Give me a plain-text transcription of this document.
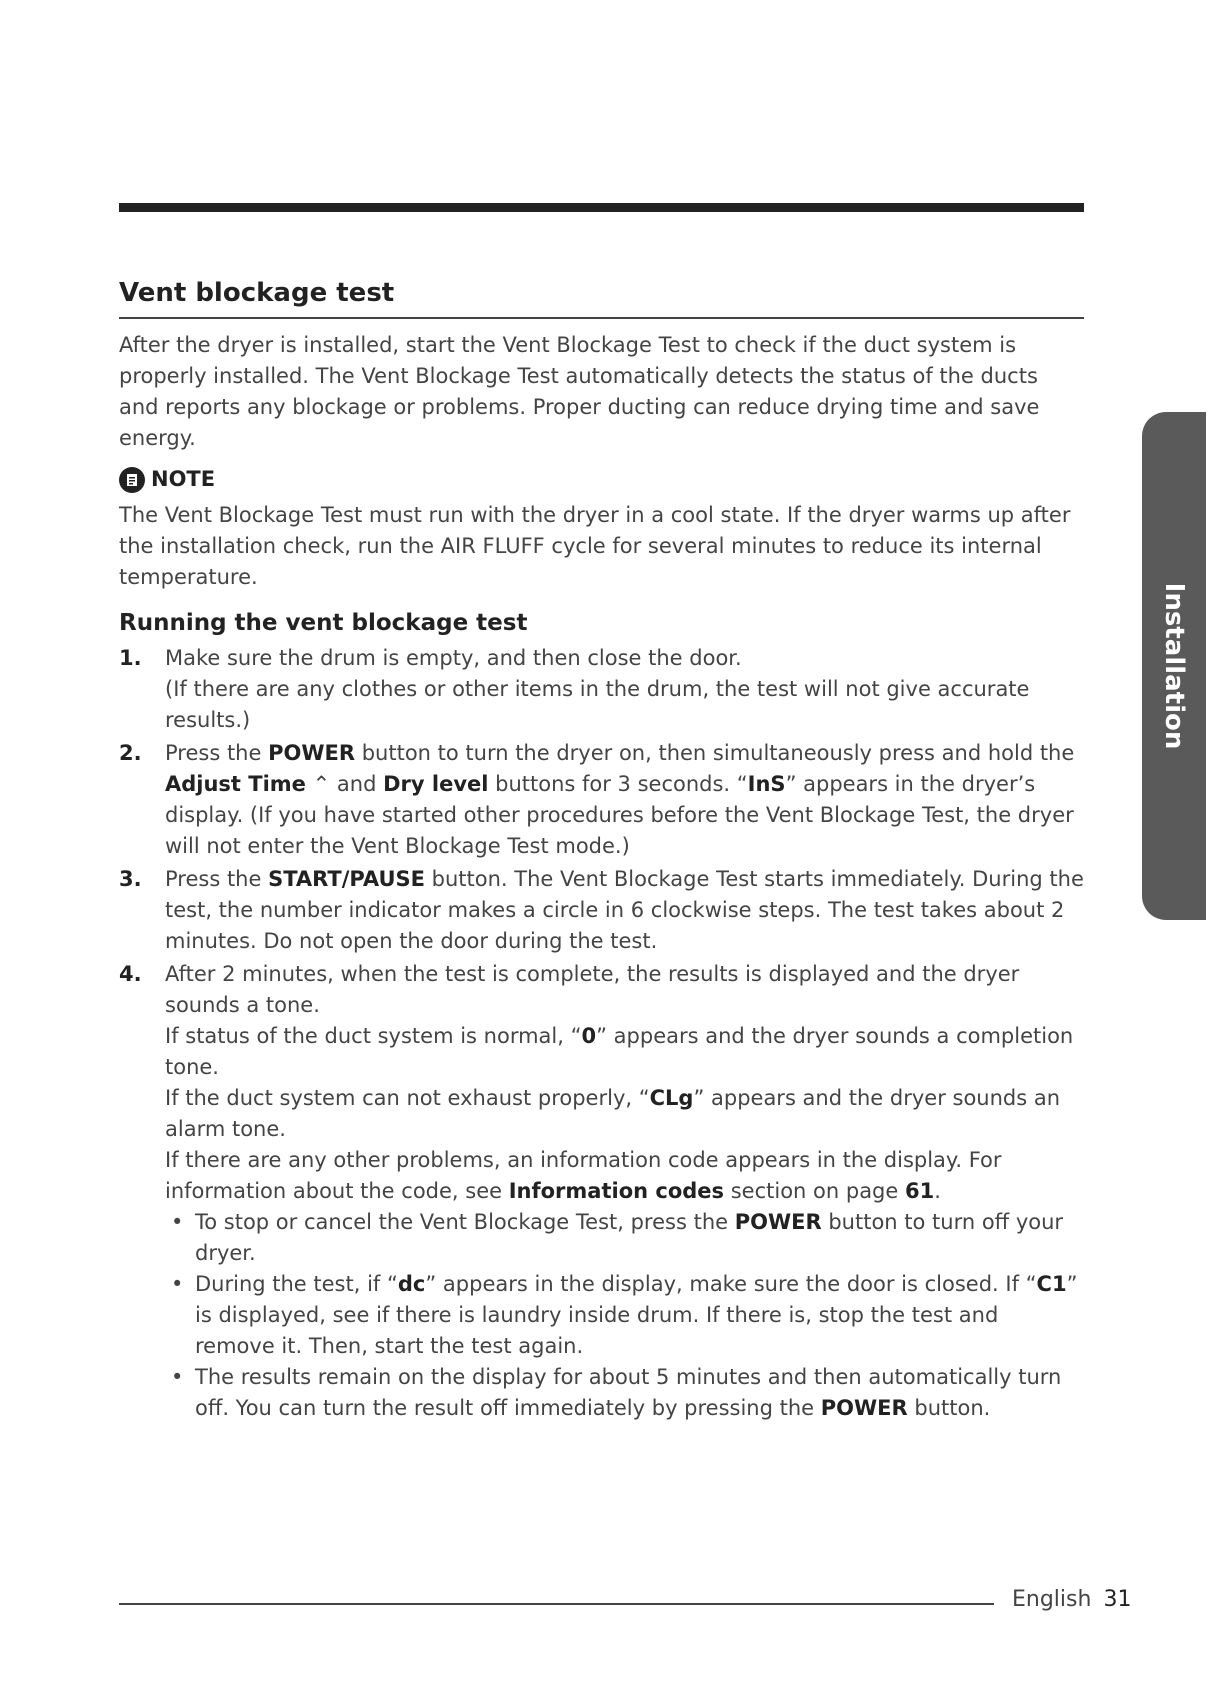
Vent blockage test

After the dryer is installed, start the Vent Blockage Test to check if the duct system is properly installed. The Vent Blockage Test automatically detects the status of the ducts and reports any blockage or problems. Proper ducting can reduce drying time and save energy.

NOTE

The Vent Blockage Test must run with the dryer in a cool state. If the dryer warms up after the installation check, run the AIR FLUFF cycle for several minutes to reduce its internal temperature.

Running the vent blockage test
1. Make sure the drum is empty, and then close the door.
(If there are any clothes or other items in the drum, the test will not give accurate results.)
2. Press the POWER button to turn the dryer on, then simultaneously press and hold the Adjust Time ⌃ and Dry level buttons for 3 seconds. “InS” appears in the dryer’s display. (If you have started other procedures before the Vent Blockage Test, the dryer will not enter the Vent Blockage Test mode.)
3. Press the START/PAUSE button. The Vent Blockage Test starts immediately. During the test, the number indicator makes a circle in 6 clockwise steps. The test takes about 2 minutes. Do not open the door during the test.
4. After 2 minutes, when the test is complete, the results is displayed and the dryer sounds a tone.
If status of the duct system is normal, “0” appears and the dryer sounds a completion tone.
If the duct system can not exhaust properly, “CLg” appears and the dryer sounds an alarm tone.
If there are any other problems, an information code appears in the display. For information about the code, see Information codes section on page 61.
• To stop or cancel the Vent Blockage Test, press the POWER button to turn off your dryer.
• During the test, if “dc” appears in the display, make sure the door is closed. If “C1” is displayed, see if there is laundry inside drum. If there is, stop the test and remove it. Then, start the test again.
• The results remain on the display for about 5 minutes and then automatically turn off. You can turn the result off immediately by pressing the POWER button.
Installation
English 31
